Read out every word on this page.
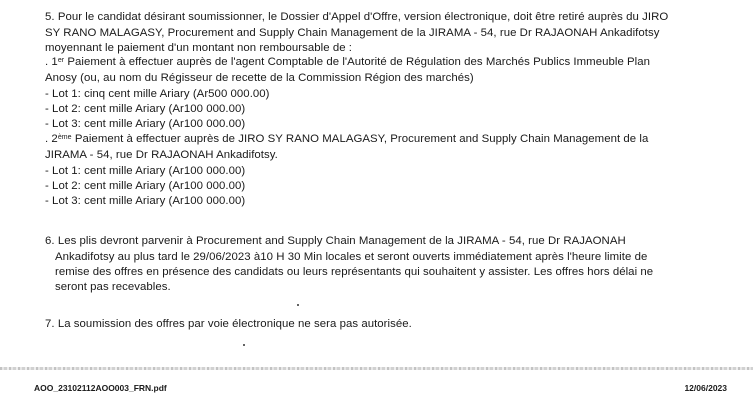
5. Pour le candidat désirant soumissionner, le Dossier d'Appel d'Offre, version électronique, doit être retiré auprès du JIRO
SY RANO MALAGASY, Procurement and Supply Chain Management de la JIRAMA - 54, rue Dr RAJAONAH Ankadifotsy
moyennant le paiement d'un montant non remboursable de :
. 1er Paiement à effectuer auprès de l'agent Comptable de l'Autorité de Régulation des Marchés Publics Immeuble Plan
Anosy (ou, au nom du Régisseur de recette de la Commission Région des marchés)
- Lot 1: cinq cent mille Ariary (Ar500 000.00)
- Lot 2: cent mille Ariary (Ar100 000.00)
- Lot 3: cent mille Ariary (Ar100 000.00)
. 2ème Paiement à effectuer auprès de JIRO SY RANO MALAGASY, Procurement and Supply Chain Management de la
JIRAMA - 54, rue Dr RAJAONAH Ankadifotsy.
- Lot 1: cent mille Ariary (Ar100 000.00)
- Lot 2: cent mille Ariary (Ar100 000.00)
- Lot 3: cent mille Ariary (Ar100 000.00)
6. Les plis devront parvenir à Procurement and Supply Chain Management de la JIRAMA - 54, rue Dr RAJAONAH
Ankadifotsy au plus tard le 29/06/2023 à10 H 30 Min locales et seront ouverts immédiatement après l'heure limite de
remise des offres en présence des candidats ou leurs représentants qui souhaitent y assister. Les offres hors délai ne
seront pas recevables.
7. La soumission des offres par voie électronique ne sera pas autorisée.
AOO_23102112AOO003_FRN.pdf	12/06/2023
